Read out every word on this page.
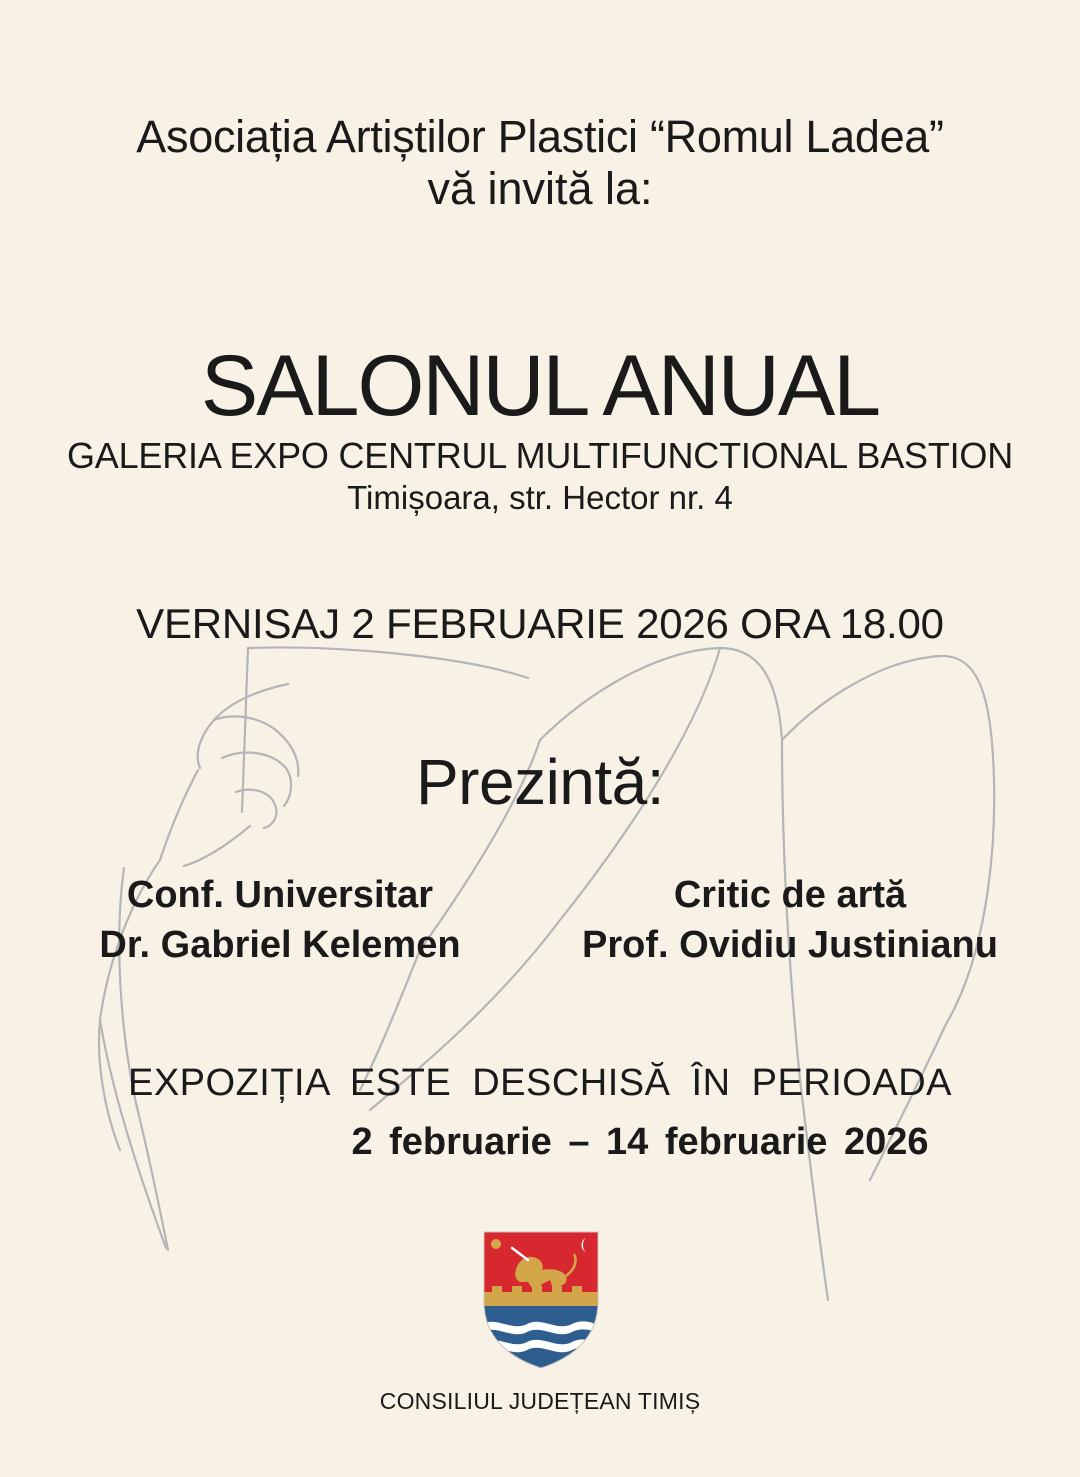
Asociația Artiștilor Plastici “Romul Ladea”
vă invită la:
SALONUL ANUAL
GALERIA EXPO CENTRUL MULTIFUNCTIONAL BASTION
Timișoara, str. Hector nr. 4
VERNISAJ 2 FEBRUARIE 2026 ORA 18.00
Prezintă:
Conf. Universitar
Dr. Gabriel Kelemen
Critic de artă
Prof. Ovidiu Justinianu
EXPOZIȚIA ESTE DESCHISĂ ÎN PERIOADA
2 februarie – 14 februarie 2026
CONSILIUL JUDEȚEAN TIMIȘ
